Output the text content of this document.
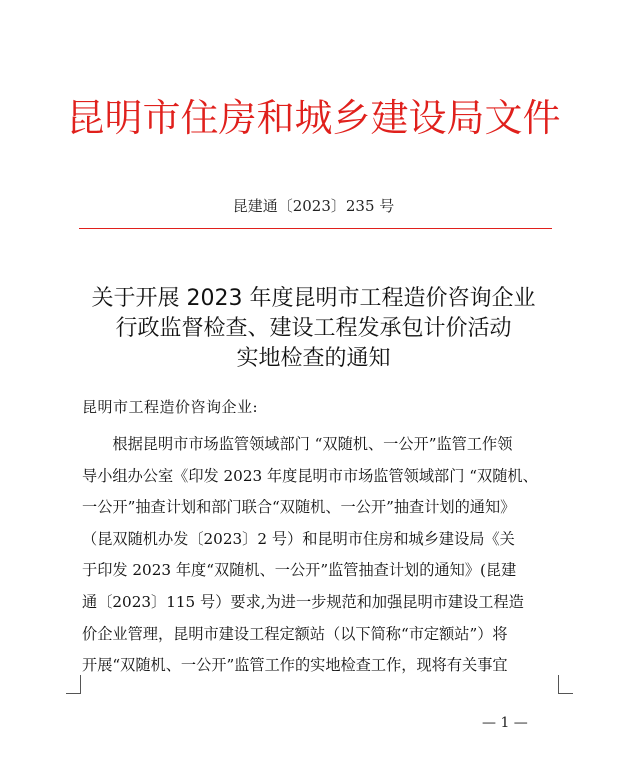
昆明市住房和城乡建设局文件
昆建通〔2023〕235 号
关于开展 2023 年度昆明市工程造价咨询企业
行政监督检查、建设工程发承包计价活动
实地检查的通知
昆明市工程造价咨询企业:
　　根据昆明市市场监管领域部门 “双随机、一公开”监管工作领
导小组办公室《印发 2023 年度昆明市市场监管领域部门 “双随机、
一公开”抽查计划和部门联合“双随机、一公开”抽查计划的通知》
（昆双随机办发〔2023〕2 号）和昆明市住房和城乡建设局《关
于印发 2023 年度“双随机、一公开”监管抽查计划的通知》(昆建
通〔2023〕115 号）要求,为进一步规范和加强昆明市建设工程造
价企业管理，昆明市建设工程定额站（以下简称“市定额站”）将
开展“双随机、一公开”监管工作的实地检查工作，现将有关事宜
— 1 —
